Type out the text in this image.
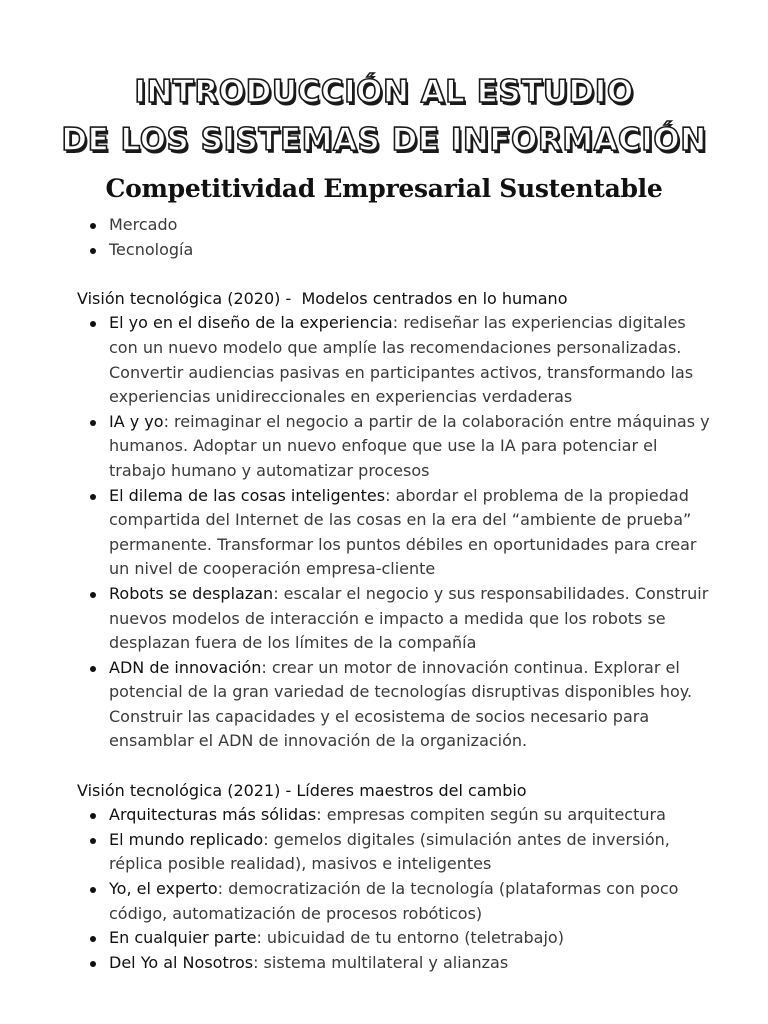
INTRODUCCIÓN AL ESTUDIO
DE LOS SISTEMAS DE INFORMACIÓN
Competitividad Empresarial Sustentable
Mercado
Tecnología
Visión tecnológica (2020) -  Modelos centrados en lo humano
El yo en el diseño de la experiencia: rediseñar las experiencias digitales con un nuevo modelo que amplíe las recomendaciones personalizadas. Convertir audiencias pasivas en participantes activos, transformando las experiencias unidireccionales en experiencias verdaderas
IA y yo: reimaginar el negocio a partir de la colaboración entre máquinas y humanos. Adoptar un nuevo enfoque que use la IA para potenciar el trabajo humano y automatizar procesos
El dilema de las cosas inteligentes: abordar el problema de la propiedad compartida del Internet de las cosas en la era del “ambiente de prueba” permanente. Transformar los puntos débiles en oportunidades para crear un nivel de cooperación empresa-cliente
Robots se desplazan: escalar el negocio y sus responsabilidades. Construir nuevos modelos de interacción e impacto a medida que los robots se desplazan fuera de los límites de la compañía
ADN de innovación: crear un motor de innovación continua. Explorar el potencial de la gran variedad de tecnologías disruptivas disponibles hoy. Construir las capacidades y el ecosistema de socios necesario para ensamblar el ADN de innovación de la organización.
Visión tecnológica (2021) - Líderes maestros del cambio
Arquitecturas más sólidas: empresas compiten según su arquitectura
El mundo replicado: gemelos digitales (simulación antes de inversión, réplica posible realidad), masivos e inteligentes
Yo, el experto: democratización de la tecnología (plataformas con poco código, automatización de procesos robóticos)
En cualquier parte: ubicuidad de tu entorno (teletrabajo)
Del Yo al Nosotros: sistema multilateral y alianzas
